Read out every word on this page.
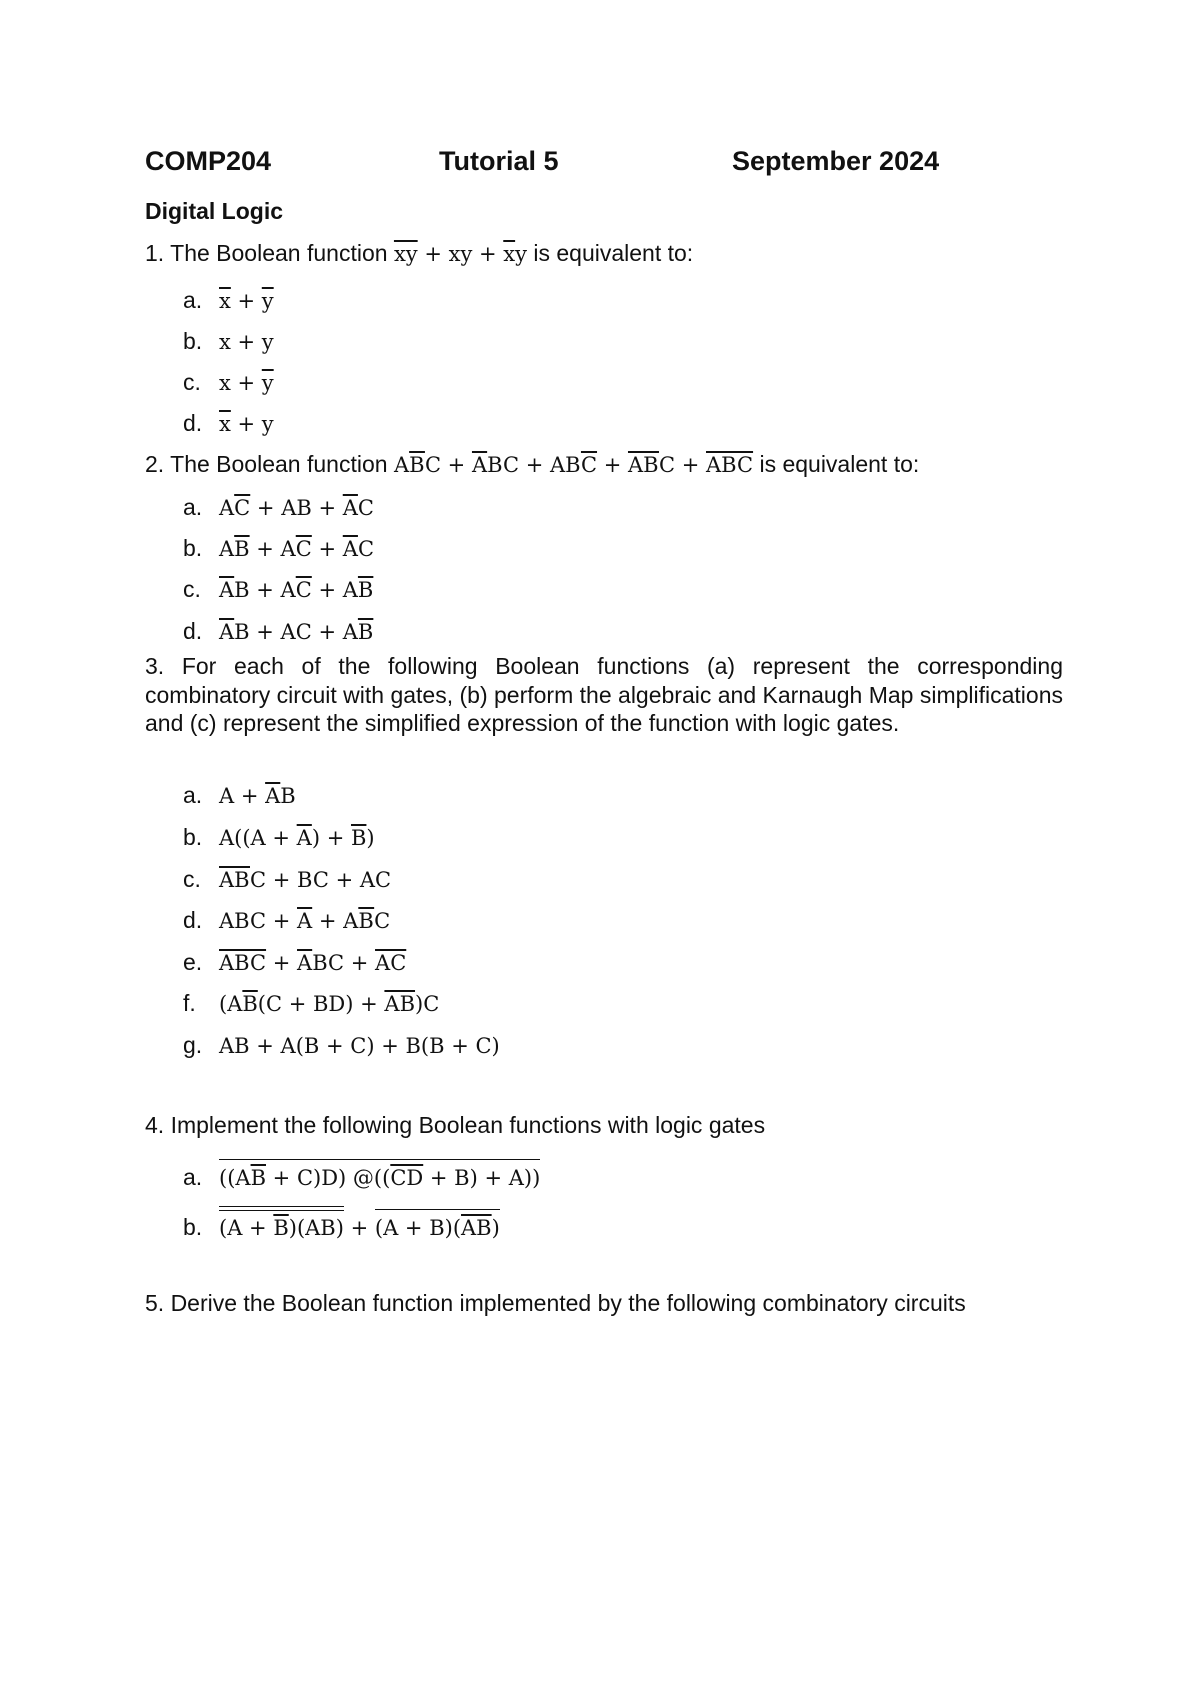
COMP204	Tutorial 5	September 2024
Digital Logic
1. The Boolean function $\overline{xy}$ + xy + $\overline{x}y$ is equivalent to:
a. $\overline{x} + \overline{y}$
b. x + y
c. $x + \overline{y}$
d. $\overline{x} + y$
2. The Boolean function $A\overline{B}C + \overline{A}BC + AB\overline{C} + \overline{AB}C + \overline{ABC}$ is equivalent to:
a. $A\overline{C}$ + AB + $\overline{A}C$
b. $A\overline{B} + A\overline{C} + \overline{A}C$
c. $\overline{A}B + A\overline{C} + A\overline{B}$
d. $\overline{A}B$ + AC + $A\overline{B}$
3. For each of the following Boolean functions (a) represent the corresponding combinatory circuit with gates, (b) perform the algebraic and Karnaugh Map simplifications and (c) represent the simplified expression of the function with logic gates.
a. $A + \overline{A}B$
b. $A((A + \overline{A}) + \overline{B})$
c. $\overline{AB}C$ + BC + AC
d. ABC + $\overline{A} + A\overline{B}C$
e. $\overline{ABC} + \overline{A}BC + \overline{AC}$
f. $(A\overline{B}(C + BD) + \overline{AB})C$
g. AB + A(B + C) + B(B + C)
4. Implement the following Boolean functions with logic gates
a. $((A\overline{B} + C)D)$ $@((\overline{CD} + B) + A)$)
b. $(A + \overline{B})(AB) + (A + B)(\overline{AB})$
5. Derive the Boolean function implemented by the following combinatory circuits
